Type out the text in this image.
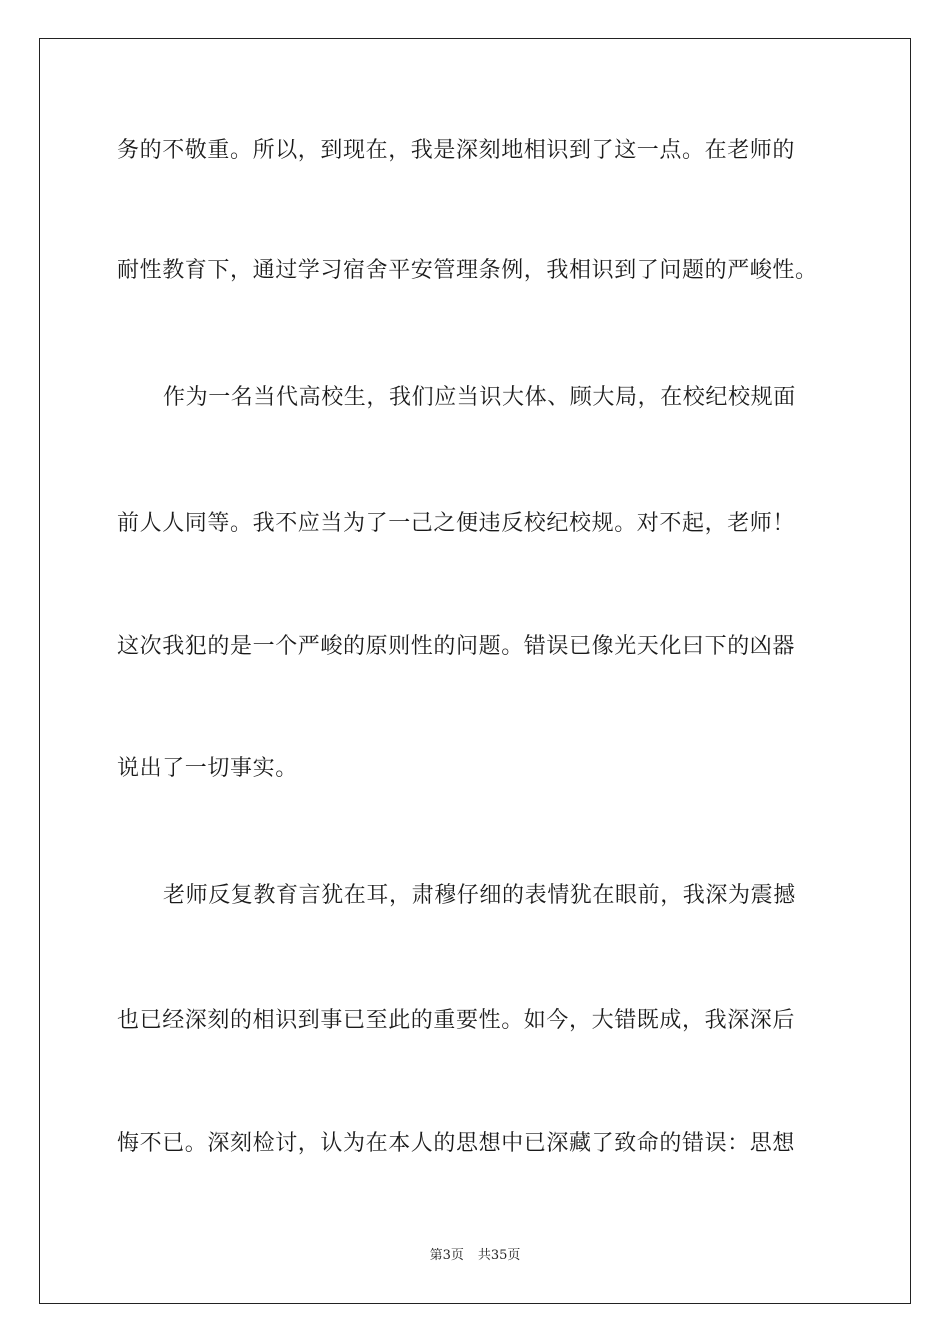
务的不敬重。所以，到现在，我是深刻地相识到了这一点。在老师的
耐性教育下，通过学习宿舍平安管理条例，我相识到了问题的严峻性。
作为一名当代高校生，我们应当识大体、顾大局，在校纪校规面
前人人同等。我不应当为了一己之便违反校纪校规。对不起，老师！
这次我犯的是一个严峻的原则性的问题。错误已像光天化曰下的凶器
说出了一切事实。
老师反复教育言犹在耳，肃穆仔细的表情犹在眼前，我深为震撼
也已经深刻的相识到事已至此的重要性。如今，大错既成，我深深后
悔不已。深刻检讨，认为在本人的思想中已深藏了致命的错误：思想
第3页 共35页
